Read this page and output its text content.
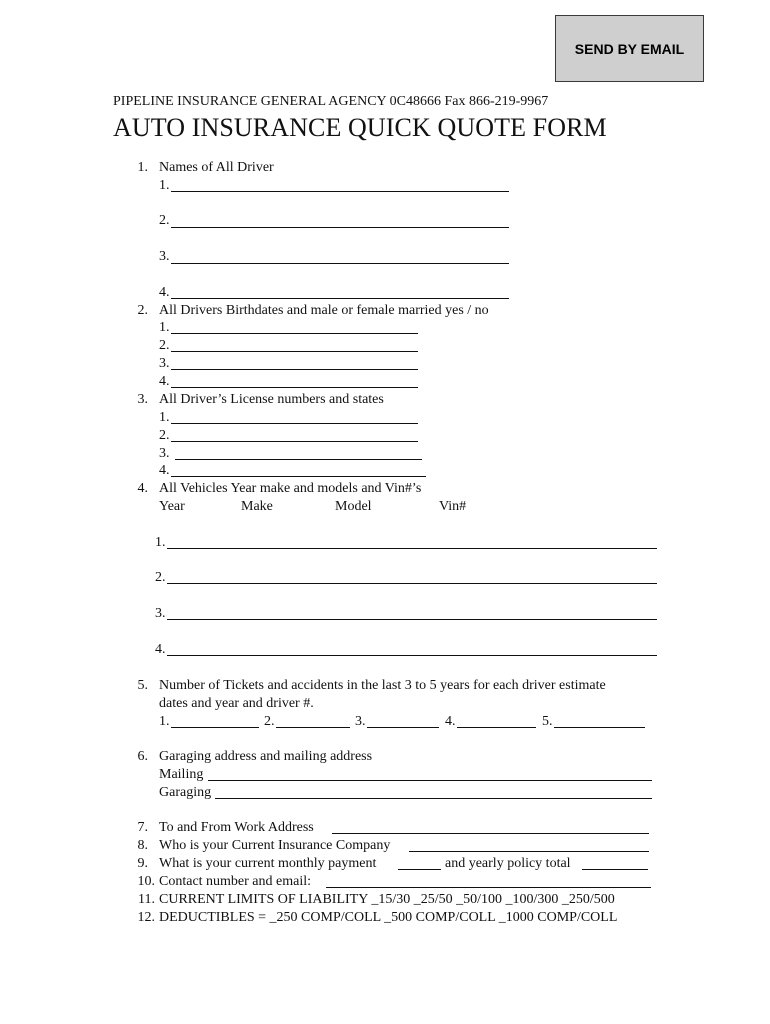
SEND BY EMAIL
PIPELINE INSURANCE GENERAL AGENCY 0C48666 Fax 866-219-9967
AUTO INSURANCE QUICK QUOTE FORM
1. Names of All Driver
1.
2.
3.
4.
2. All Drivers Birthdates and male or female married yes / no
1.
2.
3.
4.
3. All Driver’s License numbers and states
1.
2.
3.
4.
4. All Vehicles Year make and models and Vin#’s
Year	Make	Model	Vin#
1.
2.
3.
4.
5. Number of Tickets and accidents in the last 3 to 5 years for each driver estimate
dates and year and driver #.
1.	2.	3.	4.	5.
6. Garaging address and mailing address
Mailing
Garaging
7. To and From Work Address
8. Who is your Current Insurance Company
9. What is your current monthly payment	and yearly policy total
10. Contact number and email:
11. CURRENT LIMITS OF LIABILITY _15/30 _25/50 _50/100 _100/300 _250/500
12. DEDUCTIBLES = _250 COMP/COLL _500 COMP/COLL _1000 COMP/COLL
